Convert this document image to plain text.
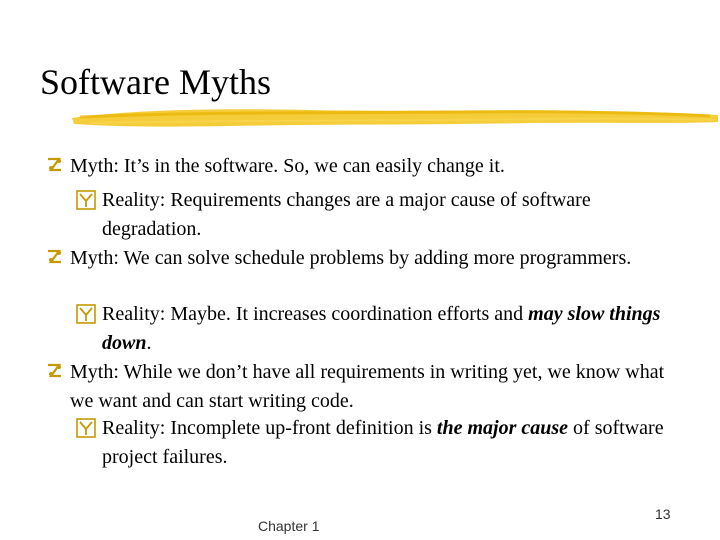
Software Myths
Myth: It’s in the software. So, we can easily change it.
Reality: Requirements changes are a major cause of software degradation.
Myth: We can solve schedule problems by adding more programmers.
Reality: Maybe. It increases coordination efforts and may slow things down.
Myth: While we don’t have all requirements in writing yet, we know what we want and can start writing code.
Reality: Incomplete up-front definition is the major cause of software project failures.
Chapter 1
13
